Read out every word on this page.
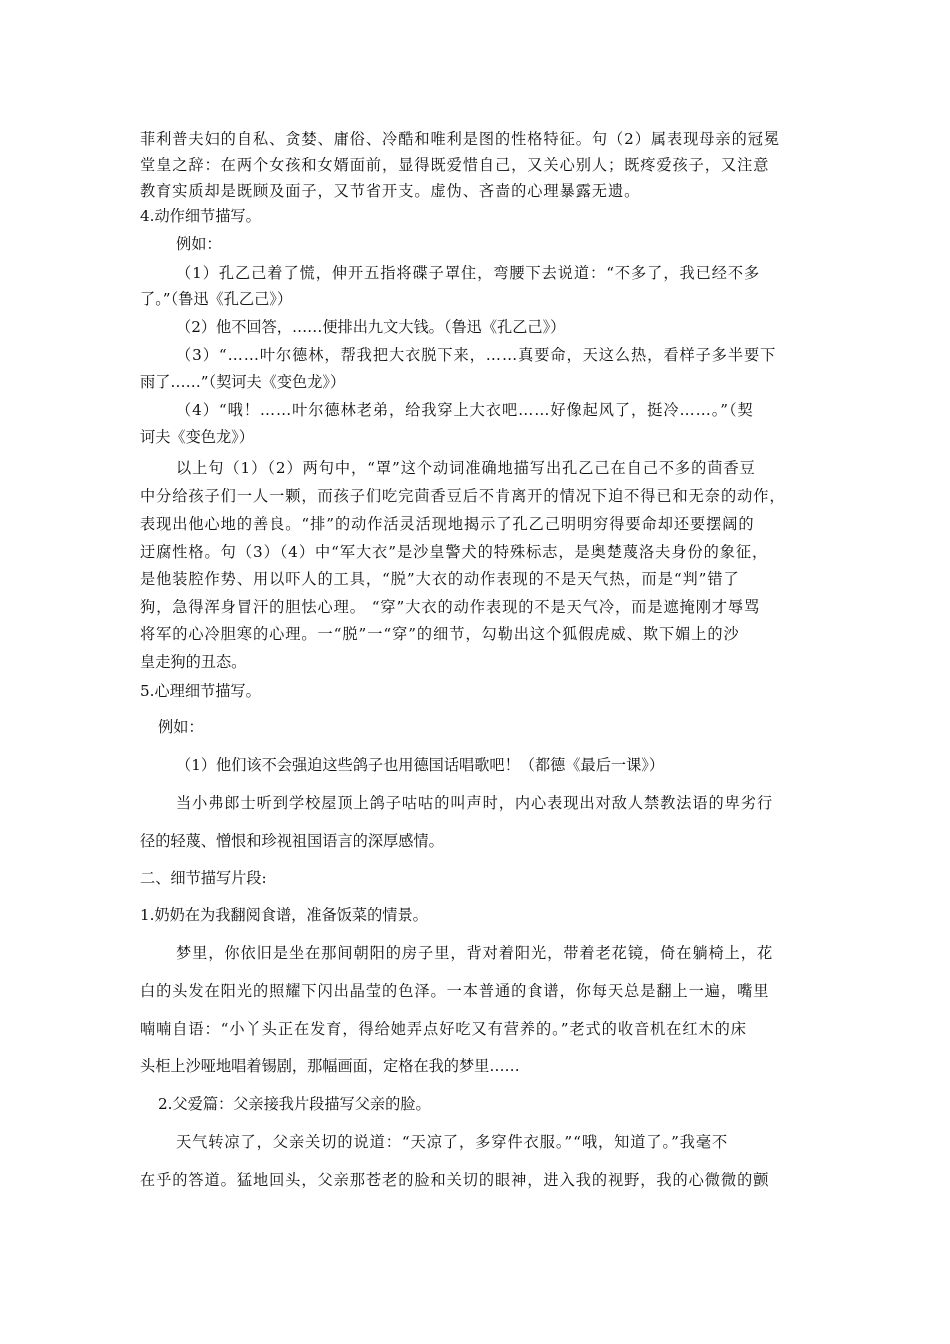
菲利普夫妇的自私、贪婪、庸俗、冷酷和唯利是图的性格特征。句（2）属表现母亲的冠冕

堂皇之辞：在两个女孩和女婿面前，显得既爱惜自己，又关心别人；既疼爱孩子，又注意

教育实质却是既顾及面子，又节省开支。虚伪、吝啬的心理暴露无遗。

4.动作细节描写。

例如：

（1）孔乙己着了慌，伸开五指将碟子罩住，弯腰下去说道：“不多了，我已经不多

了。”（鲁迅《孔乙己》）

（2）他不回答，……便排出九文大钱。（鲁迅《孔乙己》）

（3）“……叶尔德林，帮我把大衣脱下来，……真要命，天这么热，看样子多半要下

雨了……”（契诃夫《变色龙》）

（4）“哦！……叶尔德林老弟，给我穿上大衣吧……好像起风了，挺冷……。”（契

诃夫《变色龙》）

以上句（1）（2）两句中，“罩”这个动词准确地描写出孔乙己在自己不多的茴香豆

中分给孩子们一人一颗，而孩子们吃完茴香豆后不肯离开的情况下迫不得已和无奈的动作，

表现出他心地的善良。“排”的动作活灵活现地揭示了孔乙己明明穷得要命却还要摆阔的

迂腐性格。句（3）（4）中“军大衣”是沙皇警犬的特殊标志，是奥楚蔑洛夫身份的象征，

是他装腔作势、用以吓人的工具，“脱”大衣的动作表现的不是天气热，而是“判”错了

狗，急得浑身冒汗的胆怯心理。 “穿”大衣的动作表现的不是天气冷，而是遮掩刚才辱骂

将军的心冷胆寒的心理。一“脱”一“穿”的细节，勾勒出这个狐假虎威、欺下媚上的沙

皇走狗的丑态。

5.心理细节描写。

例如：

（1）他们该不会强迫这些鸽子也用德国话唱歌吧！（都德《最后一课》）

当小弗郎士听到学校屋顶上鸽子咕咕的叫声时，内心表现出对敌人禁教法语的卑劣行

径的轻蔑、憎恨和珍视祖国语言的深厚感情。

二、细节描写片段:

1.奶奶在为我翻阅食谱，准备饭菜的情景。

梦里，你依旧是坐在那间朝阳的房子里，背对着阳光，带着老花镜，倚在躺椅上，花

白的头发在阳光的照耀下闪出晶莹的色泽。一本普通的食谱，你每天总是翻上一遍，嘴里

喃喃自语：“小丫头正在发育，得给她弄点好吃又有营养的。”老式的收音机在红木的床

头柜上沙哑地唱着锡剧，那幅画面，定格在我的梦里……

2.父爱篇：父亲接我片段描写父亲的脸。

天气转凉了，父亲关切的说道：“天凉了，多穿件衣服。”“哦，知道了。”我毫不

在乎的答道。猛地回头，父亲那苍老的脸和关切的眼神，进入我的视野，我的心微微的颤
